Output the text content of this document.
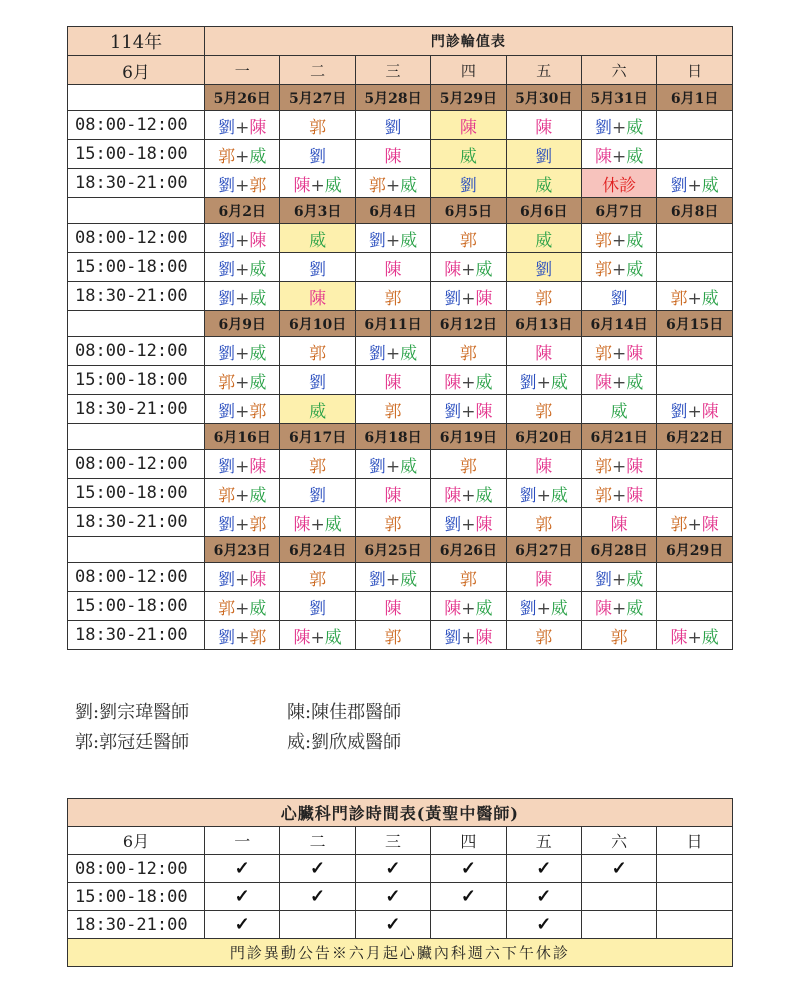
114年	門診輪值表						
6月	一	二	三	四	五	六	日
	5月26日	5月27日	5月28日	5月29日	5月30日	5月31日	6月1日
08:00-12:00	劉+陳	郭	劉	陳	陳	劉+威	
15:00-18:00	郭+威	劉	陳	威	劉	陳+威	
18:30-21:00	劉+郭	陳+威	郭+威	劉	威	休診	劉+威
	6月2日	6月3日	6月4日	6月5日	6月6日	6月7日	6月8日
08:00-12:00	劉+陳	威	劉+威	郭	威	郭+威	
15:00-18:00	劉+威	劉	陳	陳+威	劉	郭+威	
18:30-21:00	劉+威	陳	郭	劉+陳	郭	劉	郭+威
	6月9日	6月10日	6月11日	6月12日	6月13日	6月14日	6月15日
08:00-12:00	劉+威	郭	劉+威	郭	陳	郭+陳	
15:00-18:00	郭+威	劉	陳	陳+威	劉+威	陳+威	
18:30-21:00	劉+郭	威	郭	劉+陳	郭	威	劉+陳
	6月16日	6月17日	6月18日	6月19日	6月20日	6月21日	6月22日
08:00-12:00	劉+陳	郭	劉+威	郭	陳	郭+陳	
15:00-18:00	郭+威	劉	陳	陳+威	劉+威	郭+陳	
18:30-21:00	劉+郭	陳+威	郭	劉+陳	郭	陳	郭+陳
	6月23日	6月24日	6月25日	6月26日	6月27日	6月28日	6月29日
08:00-12:00	劉+陳	郭	劉+威	郭	陳	劉+威	
15:00-18:00	郭+威	劉	陳	陳+威	劉+威	陳+威	
18:30-21:00	劉+郭	陳+威	郭	劉+陳	郭	郭	陳+威
劉:劉宗瑋醫師	陳:陳佳郡醫師
郭:郭冠廷醫師	威:劉欣威醫師
心臟科門診時間表(黃聖中醫師)							
6月	一	二	三	四	五	六	日
08:00-12:00	✓	✓	✓	✓	✓	✓	
15:00-18:00	✓	✓	✓	✓	✓		
18:30-21:00	✓		✓		✓		
門診異動公告※六月起心臟內科週六下午休診							
